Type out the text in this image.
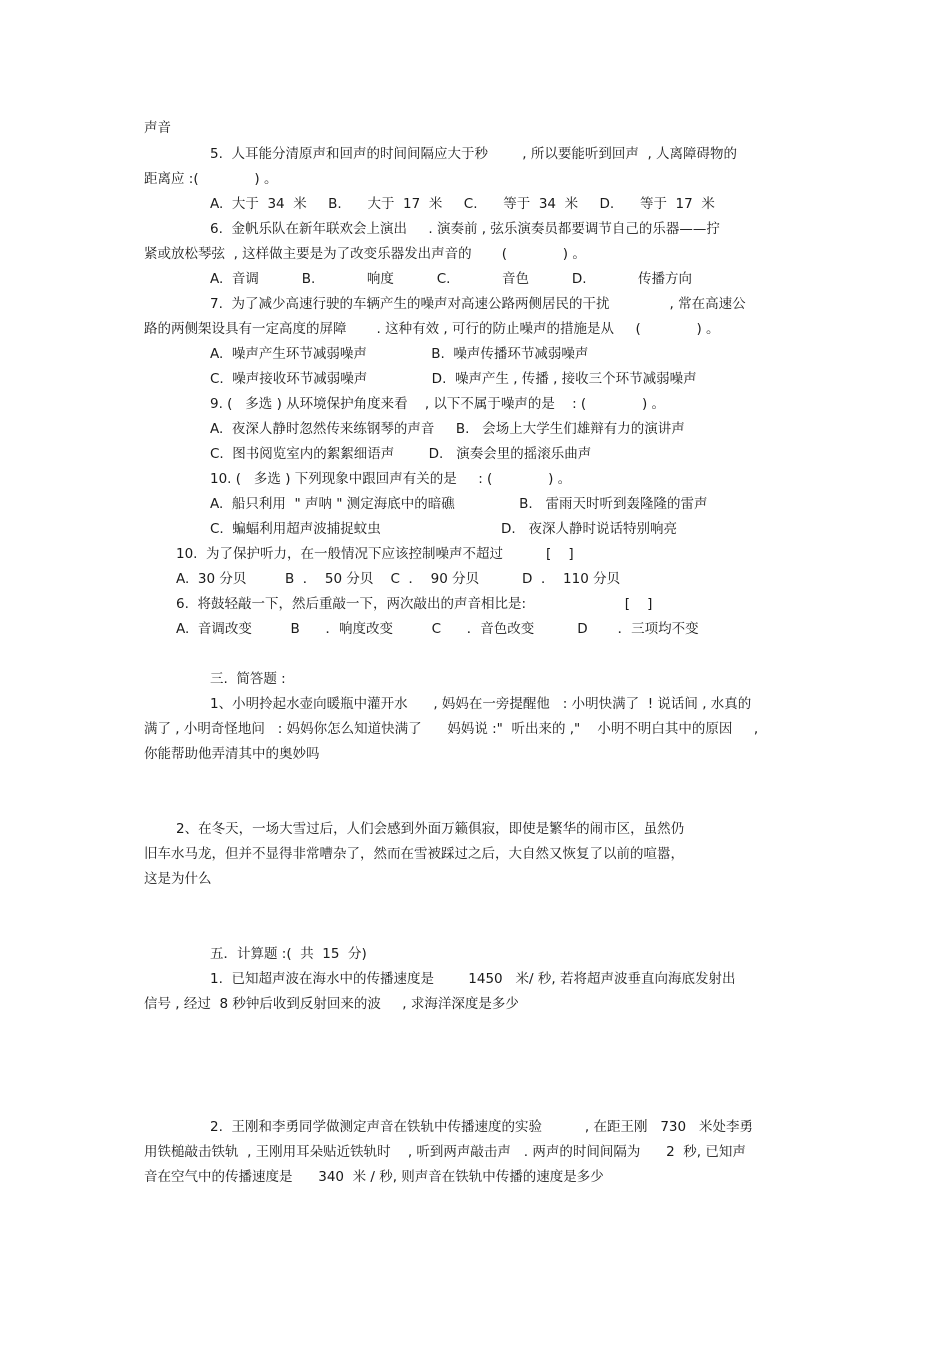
声音
5.  人耳能分清原声和回声的时间间隔应大于秒        , 所以要能听到回声  , 人离障碍物的
距离应 :(             ) 。
A.  大于  34  米     B.      大于  17  米     C.      等于  34  米     D.      等于  17  米
6.  金帆乐队在新年联欢会上演出     . 演奏前 , 弦乐演奏员都要调节自己的乐器——拧
紧或放松琴弦  , 这样做主要是为了改变乐器发出声音的       (             ) 。
A.  音调          B.            响度          C.            音色          D.            传播方向
7.  为了减少高速行驶的车辆产生的噪声对高速公路两侧居民的干扰              , 常在高速公
路的两侧架设具有一定高度的屏障       . 这种有效 , 可行的防止噪声的措施是从     (             ) 。
A.  噪声产生环节减弱噪声               B.  噪声传播环节减弱噪声
C.  噪声接收环节减弱噪声               D.  噪声产生 , 传播 , 接收三个环节减弱噪声
9. (   多选 ) 从环境保护角度来看    , 以下不属于噪声的是    : (             ) 。
A.  夜深人静时忽然传来练钢琴的声音     B.   会场上大学生们雄辩有力的演讲声
C.  图书阅览室内的絮絮细语声        D.   演奏会里的摇滚乐曲声
10. (   多选 ) 下列现象中跟回声有关的是     : (             ) 。
A.  船只利用  " 声呐 " 测定海底中的暗礁               B.   雷雨天时听到轰隆隆的雷声
C.  蝙蝠利用超声波捕捉蚊虫                            D.   夜深人静时说话特别响亮
10.  为了保护听力，在一般情况下应该控制噪声不超过          [    ]
A.  30 分贝         B  ．  50 分贝    C  ．  90 分贝          D  ．  110 分贝
6.  将鼓轻敲一下，然后重敲一下，两次敲出的声音相比是:                       [    ]
A.  音调改变         B      ．响度改变         C      ．音色改变          D       ．三项均不变
三.  简答题 :
1、小明拎起水壶向暖瓶中灌开水      , 妈妈在一旁提醒他   : 小明快满了  ! 说话间 , 水真的
满了 , 小明奇怪地问   : 妈妈你怎么知道快满了      妈妈说 :"  听出来的 ,"    小明不明白其中的原因     ,
你能帮助他弄清其中的奥妙吗
2、在冬天，一场大雪过后，人们会感到外面万籁俱寂，即使是繁华的闹市区，虽然仍
旧车水马龙，但并不显得非常嘈杂了，然而在雪被踩过之后，大自然又恢复了以前的喧嚣，
这是为什么
五．计算题 :(  共  15  分)
1.  已知超声波在海水中的传播速度是        1450   米/ 秒, 若将超声波垂直向海底发射出
信号 , 经过  8 秒钟后收到反射回来的波     , 求海洋深度是多少
2.  王刚和李勇同学做测定声音在铁轨中传播速度的实验          , 在距王刚   730   米处李勇
用铁槌敲击铁轨  , 王刚用耳朵贴近铁轨时    , 听到两声敲击声   . 两声的时间间隔为      2  秒, 已知声
音在空气中的传播速度是      340  米 / 秒, 则声音在铁轨中传播的速度是多少
